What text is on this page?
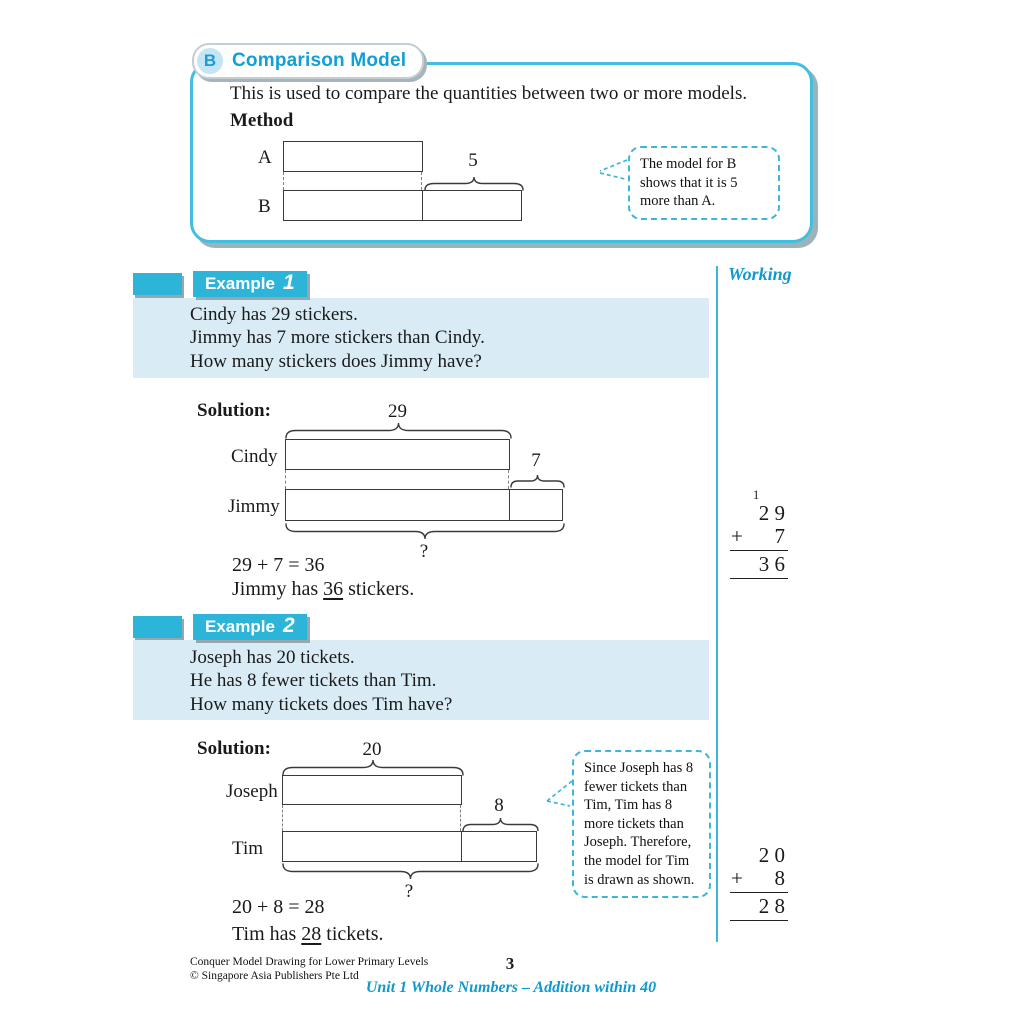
B Comparison Model
This is used to compare the quantities between two or more models.
Method
A	5
B
The model for B shows that it is 5 more than A.
Working
1
2 9
+ 7
3 6
2 0
+ 8
2 8
Example 1
Cindy has 29 stickers.
Jimmy has 7 more stickers than Cindy.
How many stickers does Jimmy have?
Solution:	29
Cindy	7
Jimmy
?
29 + 7 = 36
Jimmy has 36 stickers.
Example 2
Joseph has 20 tickets.
He has 8 fewer tickets than Tim.
How many tickets does Tim have?
Solution:	20
Joseph
8
Tim
?
Since Joseph has 8 fewer tickets than Tim, Tim has 8 more tickets than Joseph. Therefore, the model for Tim is drawn as shown.
20 + 8 = 28
Tim has 28 tickets.
Conquer Model Drawing for Lower Primary Levels
© Singapore Asia Publishers Pte Ltd
3
Unit 1 Whole Numbers – Addition within 40
